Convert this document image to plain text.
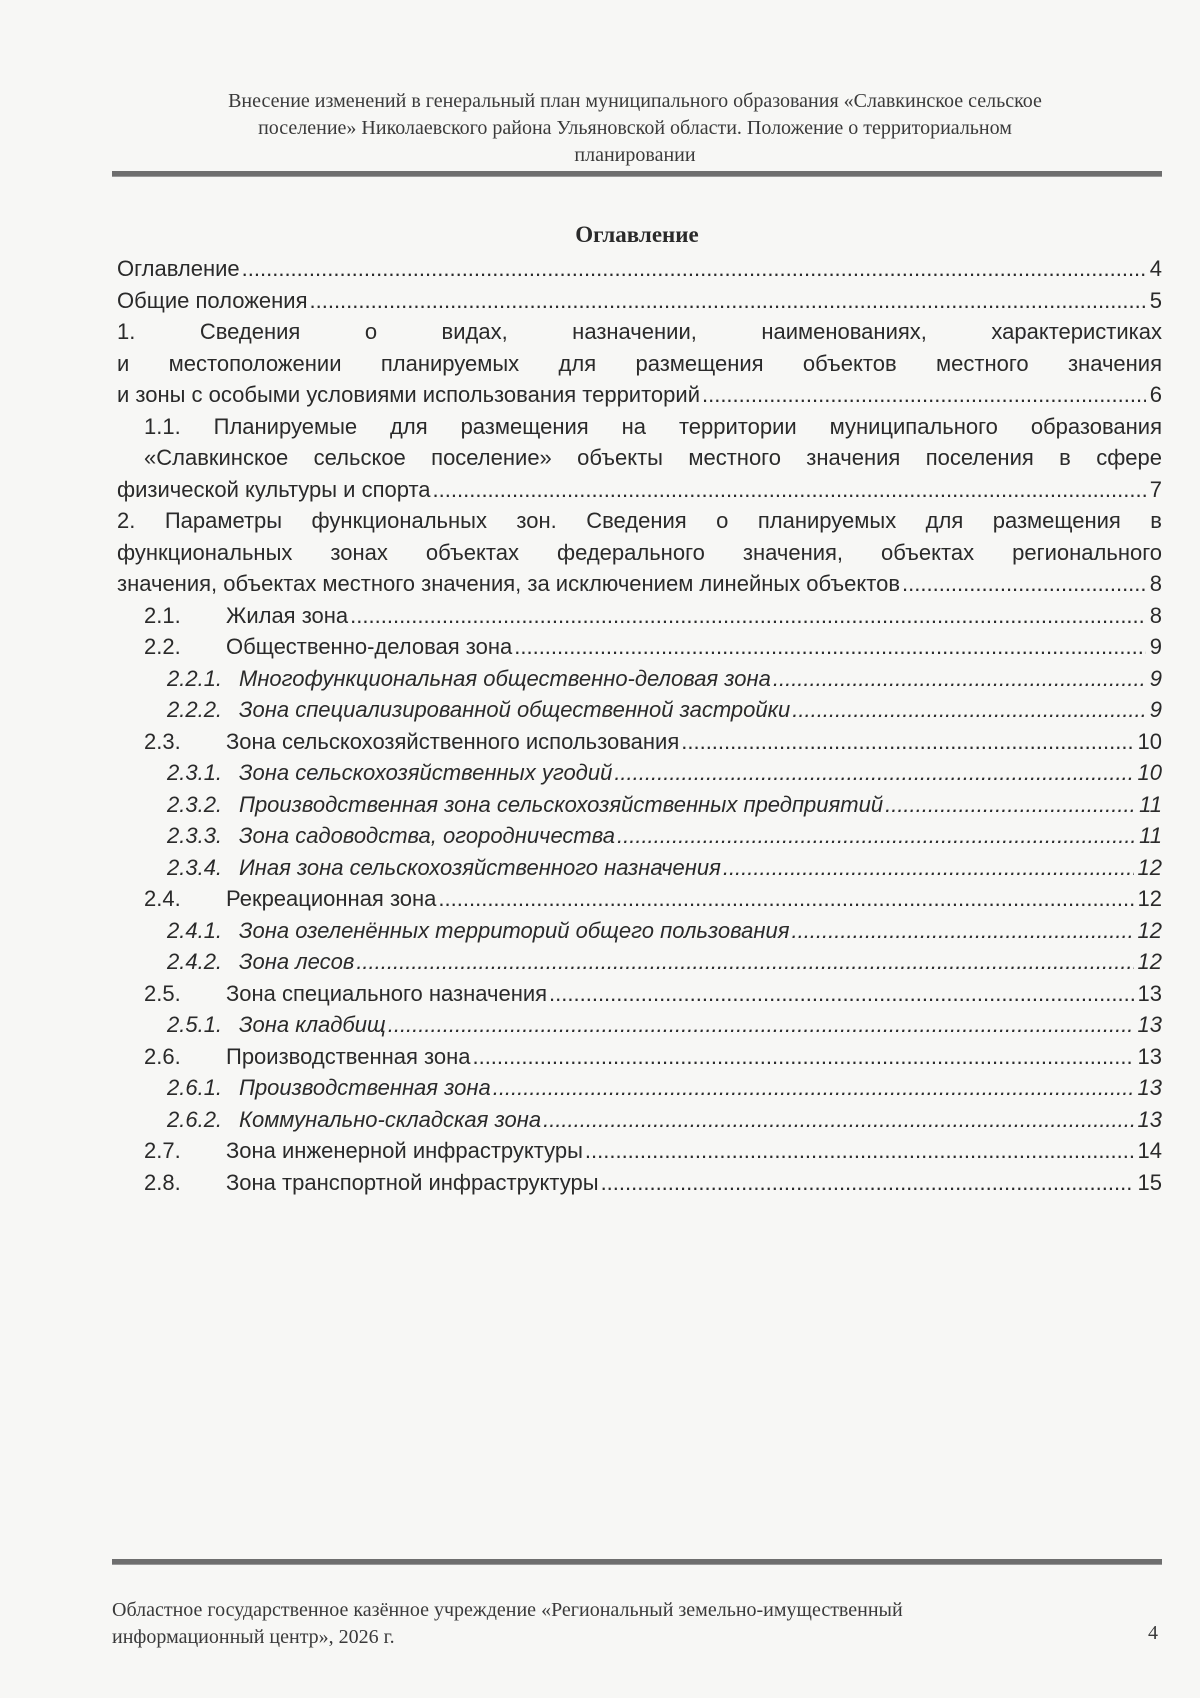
Внесение изменений в генеральный план муниципального образования «Славкинское сельское
поселение» Николаевского района Ульяновской области. Положение о территориальном
планировании
Оглавление
Оглавление .....	4
Общие положения .....	5
1.	Сведения о видах, назначении, наименованиях, характеристиках
и местоположении планируемых для размещения объектов местного значения
и зоны с особыми условиями использования территорий .....	6
1.1. Планируемые для размещения на территории муниципального образования
«Славкинское сельское поселение» объекты местного значения поселения в сфере
физической культуры и спорта .....	7
2. Параметры функциональных зон. Сведения о планируемых для размещения в
функциональных зонах объектах федерального значения, объектах регионального
значения, объектах местного значения, за исключением линейных объектов .....	8
2.1.	Жилая зона .....	8
2.2.	Общественно-деловая зона .....	9
2.2.1. Многофункциональная общественно-деловая зона .....	9
2.2.2. Зона специализированной общественной застройки .....	9
2.3.	Зона сельскохозяйственного использования .....	10
2.3.1. Зона сельскохозяйственных угодий .....	10
2.3.2. Производственная зона сельскохозяйственных предприятий .....	11
2.3.3. Зона садоводства, огородничества .....	11
2.3.4. Иная зона сельскохозяйственного назначения .....	12
2.4.	Рекреационная зона .....	12
2.4.1. Зона озеленённых территорий общего пользования .....	12
2.4.2. Зона лесов .....	12
2.5.	Зона специального назначения .....	13
2.5.1. Зона кладбищ .....	13
2.6.	Производственная зона .....	13
2.6.1. Производственная зона .....	13
2.6.2. Коммунально-складская зона .....	13
2.7.	Зона инженерной инфраструктуры .....	14
2.8.	Зона транспортной инфраструктуры .....	15
Областное государственное казённое учреждение «Региональный земельно-имущественный
информационный центр», 2026 г.	4
